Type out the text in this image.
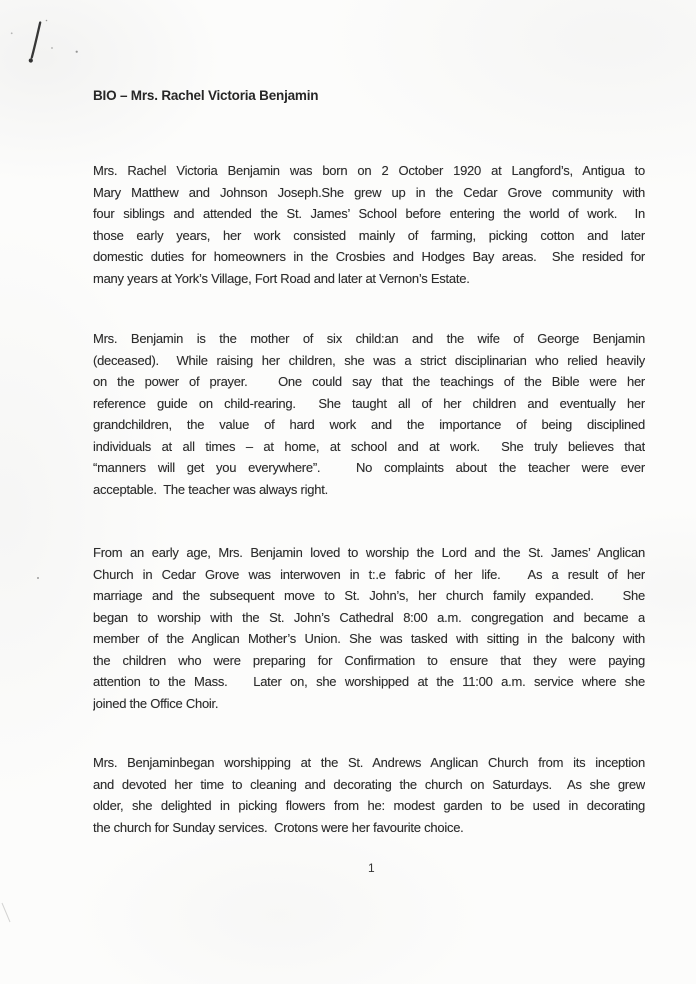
BIO – Mrs. Rachel Victoria Benjamin
Mrs. Rachel Victoria Benjamin was born on 2 October 1920 at Langford’s, Antigua to
Mary Matthew and Johnson Joseph.She grew up in the Cedar Grove community with
four siblings and attended the St. James’ School before entering the world of work.  In
those early years, her work consisted mainly of farming, picking cotton and later
domestic duties for homeowners in the Crosbies and Hodges Bay areas.  She resided for
many years at York’s Village, Fort Road and later at Vernon’s Estate.
Mrs. Benjamin is the mother of six child:an and the wife of George Benjamin
(deceased).  While raising her children, she was a strict disciplinarian who relied heavily
on the power of prayer.   One could say that the teachings of the Bible were her
reference guide on child-rearing.  She taught all of her children and eventually her
grandchildren, the value of hard work and the importance of being disciplined
individuals at all times – at home, at school and at work.  She truly believes that
“manners will get you everywhere”.   No complaints about the teacher were ever
acceptable.  The teacher was always right.
From an early age, Mrs. Benjamin loved to worship the Lord and the St. James’ Anglican
Church in Cedar Grove was interwoven in t:.e fabric of her life.   As a result of her
marriage and the subsequent move to St. John’s, her church family expanded.   She
began to worship with the St. John’s Cathedral 8:00 a.m. congregation and became a
member of the Anglican Mother’s Union. She was tasked with sitting in the balcony with
the children who were preparing for Confirmation to ensure that they were paying
attention to the Mass.   Later on, she worshipped at the 11:00 a.m. service where she
joined the Office Choir.
Mrs. Benjaminbegan worshipping at the St. Andrews Anglican Church from its inception
and devoted her time to cleaning and decorating the church on Saturdays.  As she grew
older, she delighted in picking flowers from he: modest garden to be used in decorating
the church for Sunday services.  Crotons were her favourite choice.
1
